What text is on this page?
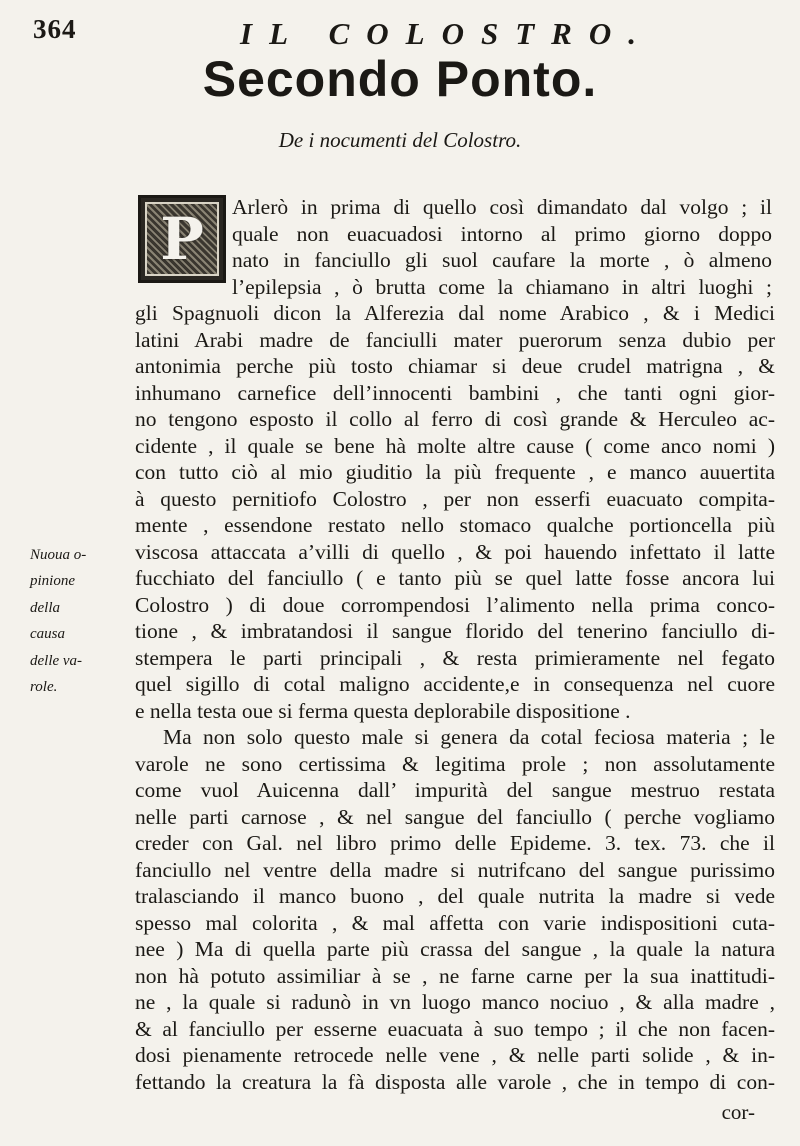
364	IL COLOSTRO.
Secondo Ponto.
De i nocumenti del Colostro.
P Arlerò in prima di quello così dimandato dal volgo ; il
quale non euacuadosi intorno al primo giorno doppo
nato in fanciullo gli suol caufare la morte , ò almeno
l’epilepsia , ò brutta come la chiamano in altri luoghi ;
gli Spagnuoli dicon la Alferezia dal nome Arabico , & i Medici
latini Arabi madre de fanciulli mater puerorum senza dubio per
antonimia perche più tosto chiamar si deue crudel matrigna , &
inhumano carnefice dell’innocenti bambini , che tanti ogni gior-
no tengono esposto il collo al ferro di così grande & Herculeo ac-
cidente , il quale se bene hà molte altre cause ( come anco nomi )
con tutto ciò al mio giuditio la più frequente , e manco auuertita
à questo pernitiofo Colostro , per non esserfi euacuato compita-
mente , essendone restato nello stomaco qualche portioncella più
viscosa attaccata a’villi di quello , & poi hauendo infettato il latte
fucchiato del fanciullo ( e tanto più se quel latte fosse ancora lui
Colostro ) di doue corrompendosi l’alimento nella prima conco-
tione , & imbratandosi il sangue florido del tenerino fanciullo di-
stempera le parti principali , & resta primieramente nel fegato
quel sigillo di cotal maligno accidente,e in consequenza nel cuore
e nella testa oue si ferma questa deplorabile dispositione .
Ma non solo questo male si genera da cotal feciosa materia ; le
varole ne sono certissima & legitima prole ; non assolutamente
come vuol Auicenna dall’ impurità del sangue mestruo restata
nelle parti carnose , & nel sangue del fanciullo ( perche vogliamo
creder con Gal. nel libro primo delle Epideme. 3. tex. 73. che il
fanciullo nel ventre della madre si nutrifcano del sangue purissimo
tralasciando il manco buono , del quale nutrita la madre si vede
spesso mal colorita , & mal affetta con varie indispositioni cuta-
nee ) Ma di quella parte più crassa del sangue , la quale la natura
non hà potuto assimiliar à se , ne farne carne per la sua inattitudi-
ne , la quale si radunò in vn luogo manco nociuo , & alla madre ,
Nuoua o-
pinione
della
causa
delle va-
role.
cor-
& al fanciullo per esserne euacuata à suo tempo ; il che non facen-
dosi pienamente retrocede nelle vene , & nelle parti solide , & in-
fettando la creatura la fà disposta alle varole , che in tempo di con-
